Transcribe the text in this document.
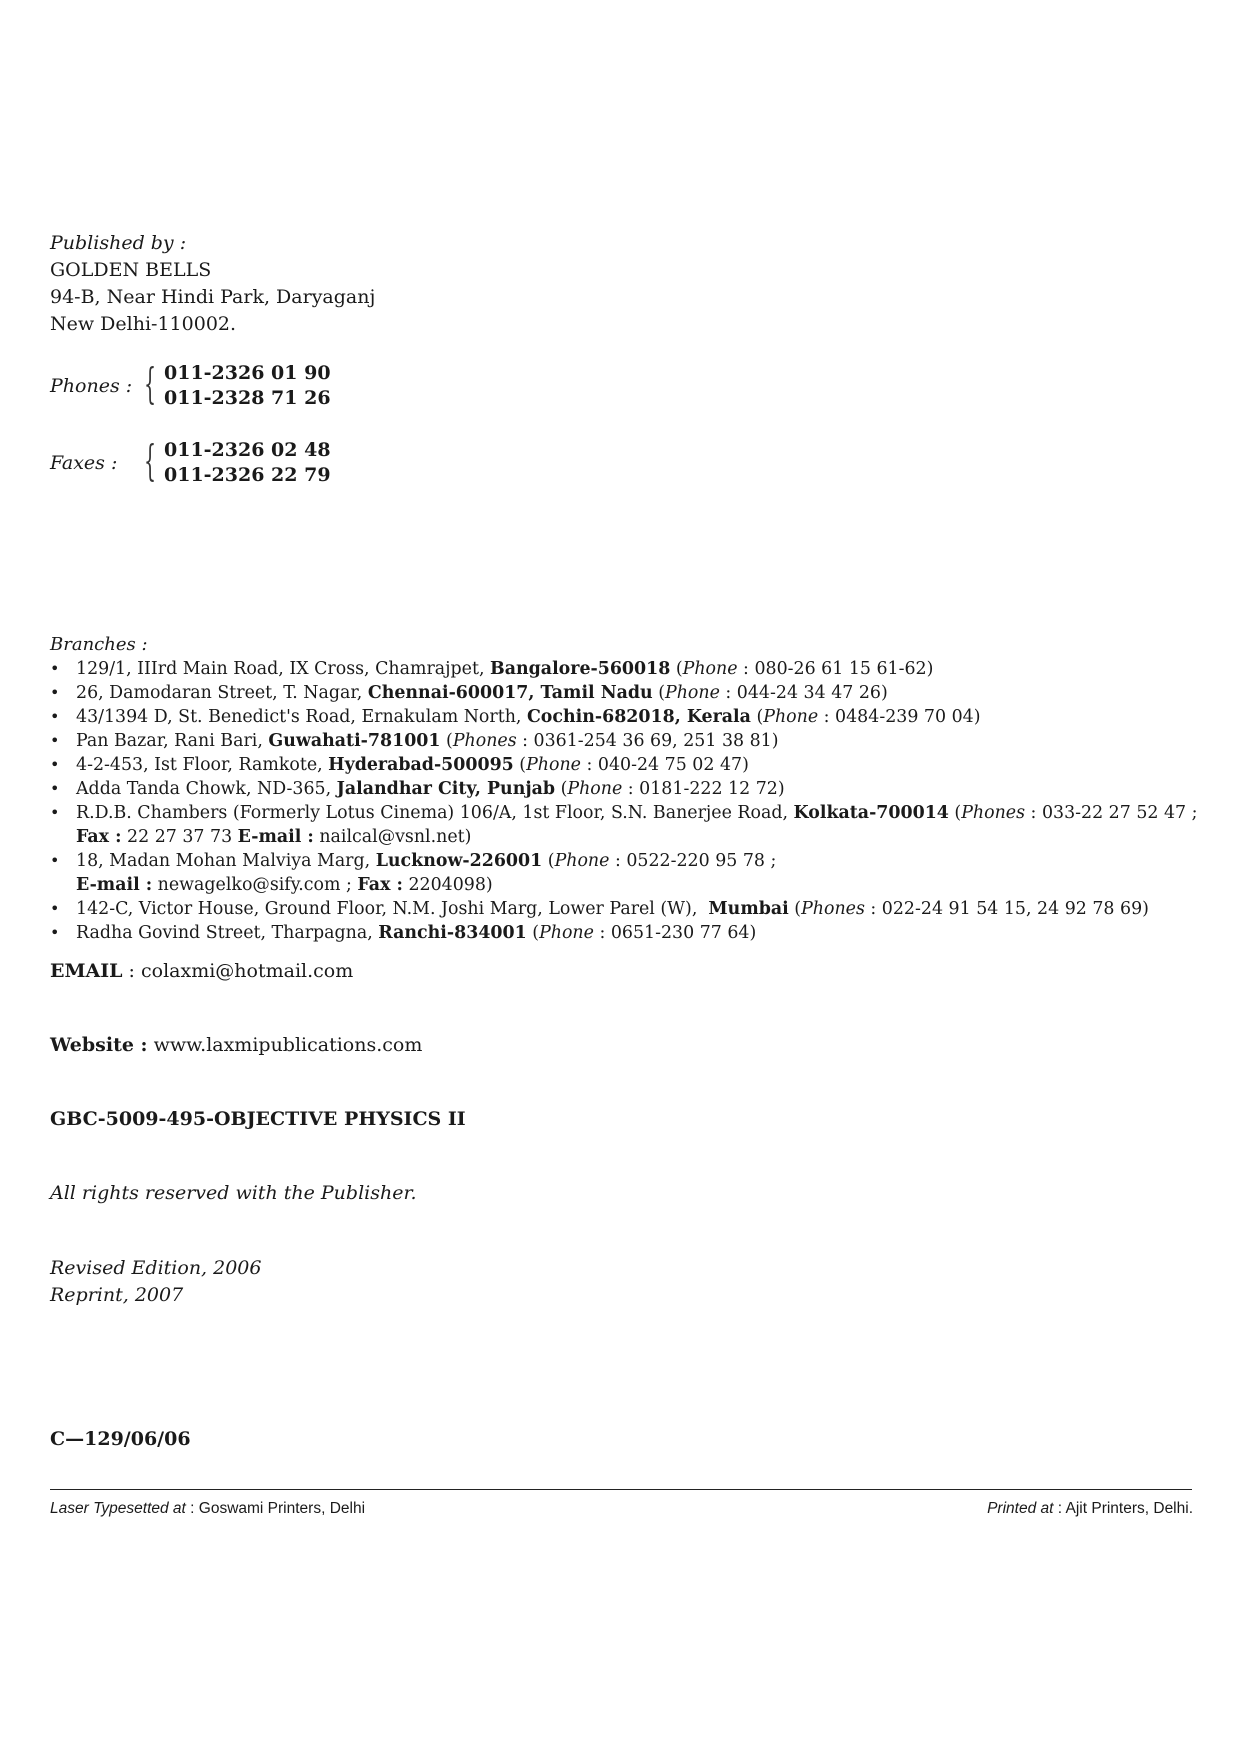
Published by :
GOLDEN BELLS
94-B, Near Hindi Park, Daryaganj
New Delhi-110002.
Phones : { 011-2326 01 90
011-2328 71 26
Faxes : { 011-2326 02 48
011-2326 22 79
Branches :
• 129/1, IIIrd Main Road, IX Cross, Chamrajpet, Bangalore-560018 (Phone : 080-26 61 15 61-62)
• 26, Damodaran Street, T. Nagar, Chennai-600017, Tamil Nadu (Phone : 044-24 34 47 26)
• 43/1394 D, St. Benedict's Road, Ernakulam North, Cochin-682018, Kerala (Phone : 0484-239 70 04)
• Pan Bazar, Rani Bari, Guwahati-781001 (Phones : 0361-254 36 69, 251 38 81)
• 4-2-453, Ist Floor, Ramkote, Hyderabad-500095 (Phone : 040-24 75 02 47)
• Adda Tanda Chowk, ND-365, Jalandhar City, Punjab (Phone : 0181-222 12 72)
• R.D.B. Chambers (Formerly Lotus Cinema) 106/A, 1st Floor, S.N. Banerjee Road, Kolkata-700014 (Phones : 033-22 27 52 47 ;
Fax : 22 27 37 73 E-mail : nailcal@vsnl.net)
• 18, Madan Mohan Malviya Marg, Lucknow-226001 (Phone : 0522-220 95 78 ;
E-mail : newagelko@sify.com ; Fax : 2204098)
• 142-C, Victor House, Ground Floor, N.M. Joshi Marg, Lower Parel (W),  Mumbai (Phones : 022-24 91 54 15, 24 92 78 69)
• Radha Govind Street, Tharpagna, Ranchi-834001 (Phone : 0651-230 77 64)
EMAIL : colaxmi@hotmail.com
Website : www.laxmipublications.com
GBC-5009-495-OBJECTIVE PHYSICS II
All rights reserved with the Publisher.
Revised Edition, 2006
Reprint, 2007
C—129/06/06
Laser Typesetted at : Goswami Printers, Delhi	Printed at : Ajit Printers, Delhi.
